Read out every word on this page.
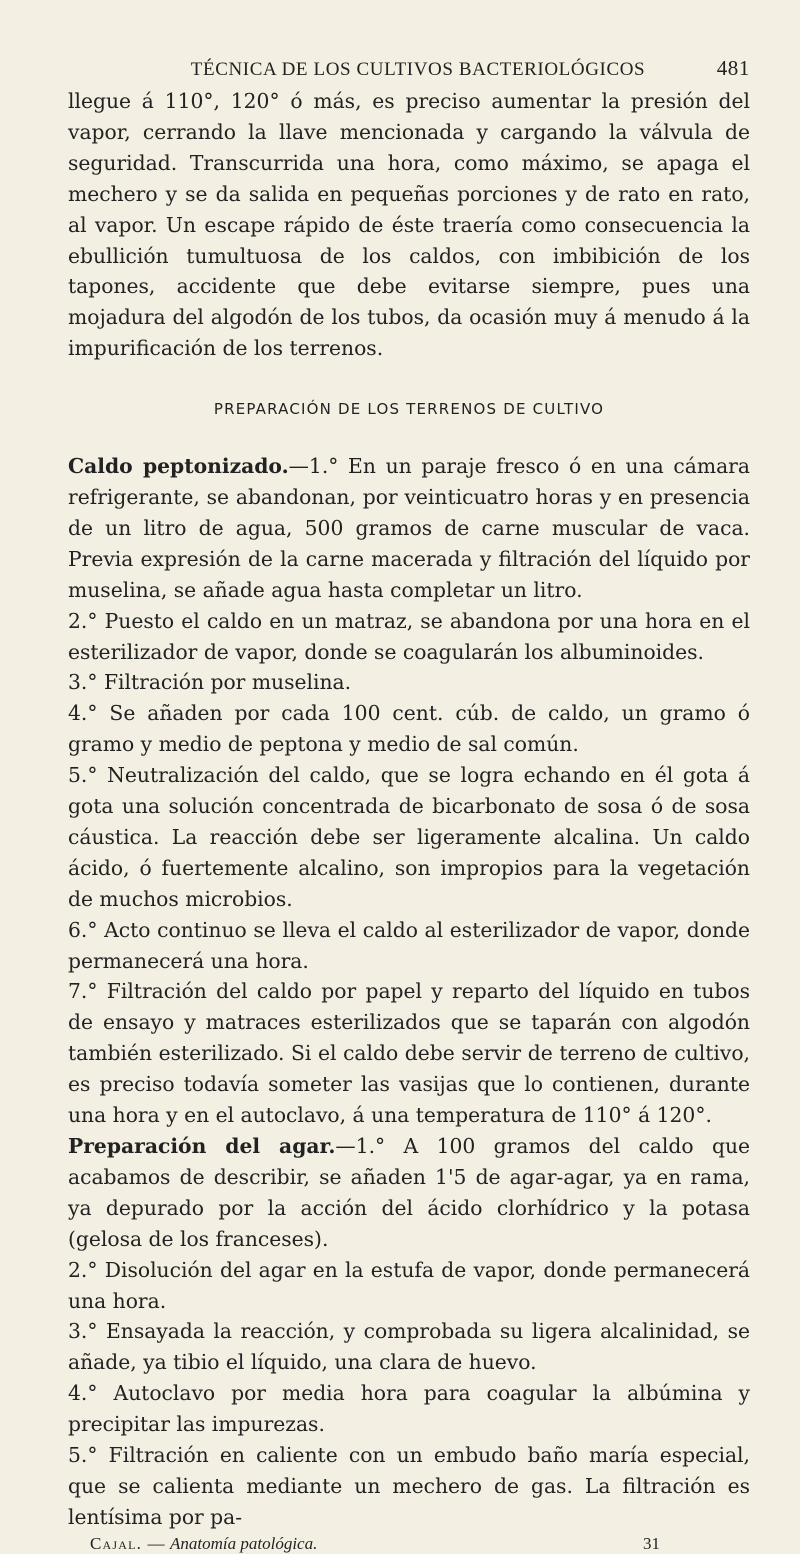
TÉCNICA DE LOS CULTIVOS BACTERIOLÓGICOS	481

llegue á 110°, 120° ó más, es preciso aumentar la presión del vapor, cerrando la llave mencionada y cargando la válvula de seguridad. Transcurrida una hora, como máximo, se apaga el mechero y se da salida en pequeñas porciones y de rato en rato, al vapor. Un escape rápido de éste traería como consecuencia la ebullición tumultuosa de los caldos, con imbibición de los tapones, accidente que debe evitarse siempre, pues una mojadura del algodón de los tubos, da ocasión muy á menudo á la impurificación de los terrenos.

PREPARACIÓN DE LOS TERRENOS DE CULTIVO

Caldo peptonizado.—1.° En un paraje fresco ó en una cámara refrigerante, se abandonan, por veinticuatro horas y en presencia de un litro de agua, 500 gramos de carne muscular de vaca. Previa expresión de la carne macerada y filtración del líquido por muselina, se añade agua hasta completar un litro.

2.° Puesto el caldo en un matraz, se abandona por una hora en el esterilizador de vapor, donde se coagularán los albuminoides.

3.° Filtración por muselina.

4.° Se añaden por cada 100 cent. cúb. de caldo, un gramo ó gramo y medio de peptona y medio de sal común.

5.° Neutralización del caldo, que se logra echando en él gota á gota una solución concentrada de bicarbonato de sosa ó de sosa cáustica. La reacción debe ser ligeramente alcalina. Un caldo ácido, ó fuertemente alcalino, son impropios para la vegetación de muchos microbios.

6.° Acto continuo se lleva el caldo al esterilizador de vapor, donde permanecerá una hora.

7.° Filtración del caldo por papel y reparto del líquido en tubos de ensayo y matraces esterilizados que se taparán con algodón también esterilizado. Si el caldo debe servir de terreno de cultivo, es preciso todavía someter las vasijas que lo contienen, durante una hora y en el autoclavo, á una temperatura de 110° á 120°.

Preparación del agar.—1.° A 100 gramos del caldo que acabamos de describir, se añaden 1'5 de agar-agar, ya en rama, ya depurado por la acción del ácido clorhídrico y la potasa (gelosa de los franceses).

2.° Disolución del agar en la estufa de vapor, donde permanecerá una hora.

3.° Ensayada la reacción, y comprobada su ligera alcalinidad, se añade, ya tibio el líquido, una clara de huevo.

4.° Autoclavo por media hora para coagular la albúmina y precipitar las impurezas.

5.° Filtración en caliente con un embudo baño maría especial, que se calienta mediante un mechero de gas. La filtración es lentísima por pa-

Cajal. — Anatomía patológica.	31
